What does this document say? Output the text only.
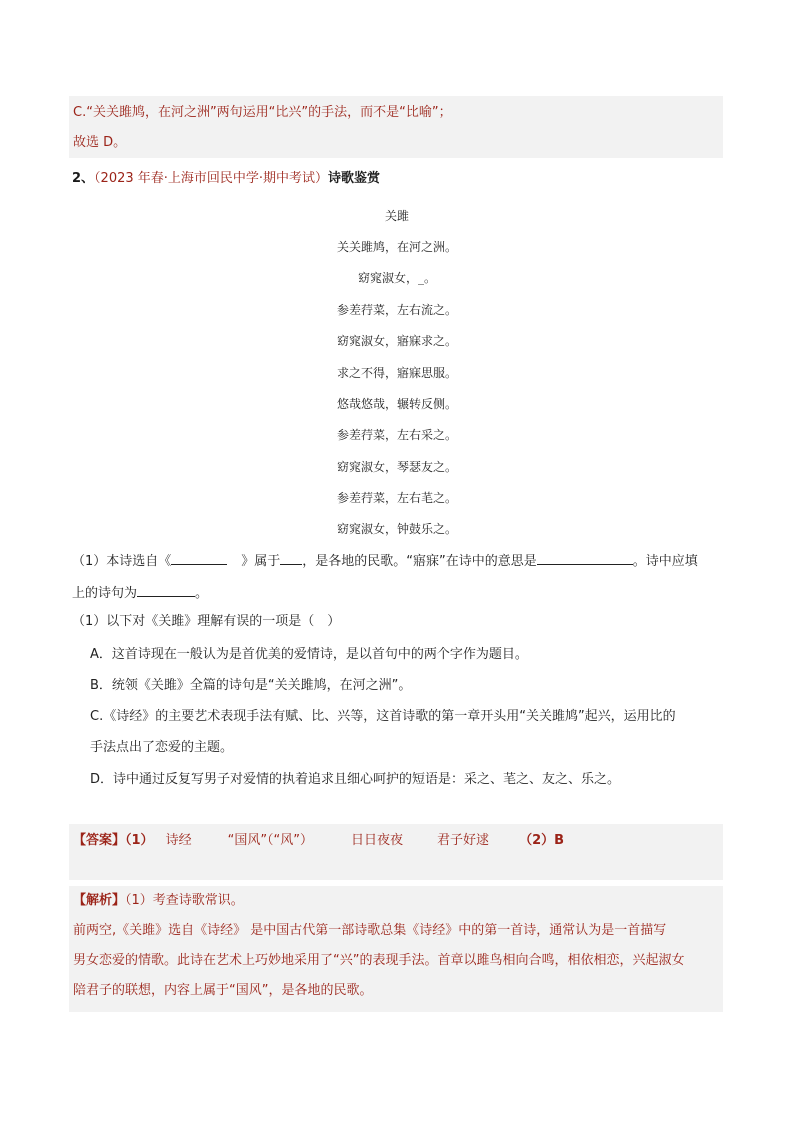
C.“关关雎鸠，在河之洲”两句运用“比兴”的手法，而不是“比喻”；
故选 D。
2、（2023 年春·上海市回民中学·期中考试）诗歌鉴赏
关雎
关关雎鸠，在河之洲。
窈窕淑女，_。
参差荇菜，左右流之。
窈窕淑女，寤寐求之。
求之不得，寤寐思服。
悠哉悠哉，辗转反侧。
参差荇菜，左右采之。
窈窕淑女，琴瑟友之。
参差荇菜，左右芼之。
窈窕淑女，钟鼓乐之。
（1）本诗选自《	》属于 ，是各地的民歌。“寤寐”在诗中的意思是	。诗中应填
上的诗句为	。
（1）以下对《关雎》理解有误的一项是（　）
A．这首诗现在一般认为是首优美的爱情诗，是以首句中的两个字作为题目。
B．统领《关雎》全篇的诗句是“关关雎鸠，在河之洲”。
C.《诗经》的主要艺术表现手法有赋、比、兴等，这首诗歌的第一章开头用“关关雎鸠”起兴，运用比的
手法点出了恋爱的主题。
D．诗中通过反复写男子对爱情的执着追求且细心呵护的短语是：采之、芼之、友之、乐之。
【答案】（1） 诗经	“国风”（“风”）	日日夜夜	君子好逑 （2）B
【解析】（1）考查诗歌常识。
前两空,《关雎》选自《诗经》 是中国古代第一部诗歌总集《诗经》中的第一首诗，通常认为是一首描写
男女恋爱的情歌。此诗在艺术上巧妙地采用了“兴”的表现手法。首章以雎鸟相向合鸣，相依相恋，兴起淑女
陪君子的联想，内容上属于“国风”，是各地的民歌。
